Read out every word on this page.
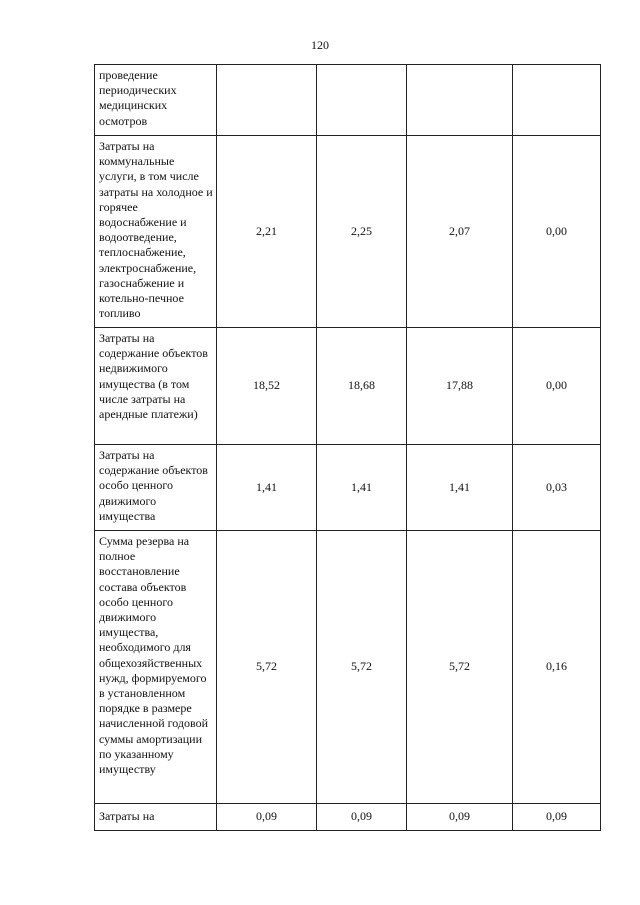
120
проведение периодических медицинских осмотров				
Затраты на коммунальные услуги, в том числе затраты на холодное и горячее водоснабжение и водоотведение, теплоснабжение, электроснабжение, газоснабжение и котельно-печное топливо	2,21	2,25	2,07	0,00
Затраты на содержание объектов недвижимого имущества (в том числе затраты на арендные платежи)	18,52	18,68	17,88	0,00
Затраты на содержание объектов особо ценного движимого имущества	1,41	1,41	1,41	0,03
Сумма резерва на полное восстановление состава объектов особо ценного движимого имущества, необходимого для общехозяйственных нужд, формируемого в установленном порядке в размере начисленной годовой суммы амортизации по указанному имуществу	5,72	5,72	5,72	0,16
Затраты на	0,09	0,09	0,09	0,09
